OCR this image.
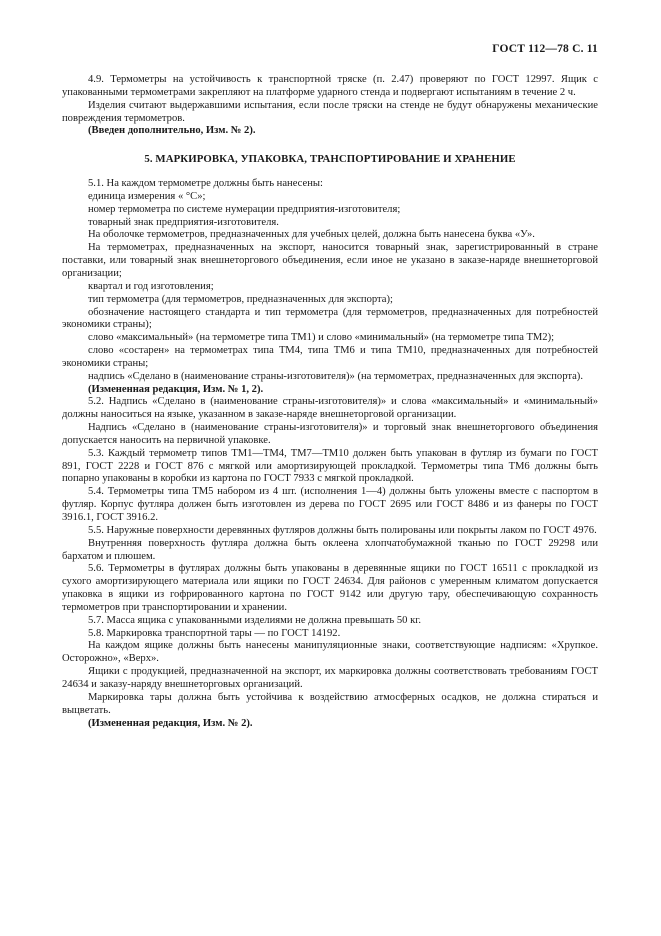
ГОСТ 112—78 С. 11

4.9. Термометры на устойчивость к транспортной тряске (п. 2.47) проверяют по ГОСТ 12997. Ящик с упакованными термометрами закрепляют на платформе ударного стенда и подвергают испытаниям в течение 2 ч.

Изделия считают выдержавшими испытания, если после тряски на стенде не будут обнаружены механические повреждения термометров.

(Введен дополнительно, Изм. № 2).

5. МАРКИРОВКА, УПАКОВКА, ТРАНСПОРТИРОВАНИЕ И ХРАНЕНИЕ

5.1. На каждом термометре должны быть нанесены:

единица измерения « °С»;

номер термометра по системе нумерации предприятия-изготовителя;

товарный знак предприятия-изготовителя.

На оболочке термометров, предназначенных для учебных целей, должна быть нанесена буква «У».

На термометрах, предназначенных на экспорт, наносится товарный знак, зарегистрированный в стране поставки, или товарный знак внешнеторгового объединения, если иное не указано в заказе-наряде внешнеторговой организации;

квартал и год изготовления;

тип термометра (для термометров, предназначенных для экспорта);

обозначение настоящего стандарта и тип термометра (для термометров, предназначенных для потребностей экономики страны);

слово «максимальный» (на термометре типа ТМ1) и слово «минимальный» (на термометре типа ТМ2);

слово «состарен» на термометрах типа ТМ4, типа ТМ6 и типа ТМ10, предназначенных для потребностей экономики страны;

надпись «Сделано в (наименование страны-изготовителя)» (на термометрах, предназначенных для экспорта).

(Измененная редакция, Изм. № 1, 2).

5.2. Надпись «Сделано в (наименование страны-изготовителя)» и слова «максимальный» и «минимальный» должны наноситься на языке, указанном в заказе-наряде внешнеторговой организации.

Надпись «Сделано в (наименование страны-изготовителя)» и торговый знак внешнеторгового объединения допускается наносить на первичной упаковке.

5.3. Каждый термометр типов ТМ1—ТМ4, ТМ7—ТМ10 должен быть упакован в футляр из бумаги по ГОСТ 891, ГОСТ 2228 и ГОСТ 876 с мягкой или амортизирующей прокладкой. Термометры типа ТМ6 должны быть попарно упакованы в коробки из картона по ГОСТ 7933 с мягкой прокладкой.

5.4. Термометры типа ТМ5 набором из 4 шт. (исполнения 1—4) должны быть уложены вместе с паспортом в футляр. Корпус футляра должен быть изготовлен из дерева по ГОСТ 2695 или ГОСТ 8486 и из фанеры по ГОСТ 3916.1, ГОСТ 3916.2.

5.5. Наружные поверхности деревянных футляров должны быть полированы или покрыты лаком по ГОСТ 4976.

Внутренняя поверхность футляра должна быть оклеена хлопчатобумажной тканью по ГОСТ 29298 или бархатом и плюшем.

5.6. Термометры в футлярах должны быть упакованы в деревянные ящики по ГОСТ 16511 с прокладкой из сухого амортизирующего материала или ящики по ГОСТ 24634. Для районов с умеренным климатом допускается упаковка в ящики из гофрированного картона по ГОСТ 9142 или другую тару, обеспечивающую сохранность термометров при транспортировании и хранении.

5.7. Масса ящика с упакованными изделиями не должна превышать 50 кг.

5.8. Маркировка транспортной тары — по ГОСТ 14192.

На каждом ящике должны быть нанесены манипуляционные знаки, соответствующие надписям: «Хрупкое. Осторожно», «Верх».

Ящики с продукцией, предназначенной на экспорт, их маркировка должны соответствовать требованиям ГОСТ 24634 и заказу-наряду внешнеторговых организаций.

Маркировка тары должна быть устойчива к воздействию атмосферных осадков, не должна стираться и выцветать.

(Измененная редакция, Изм. № 2).
